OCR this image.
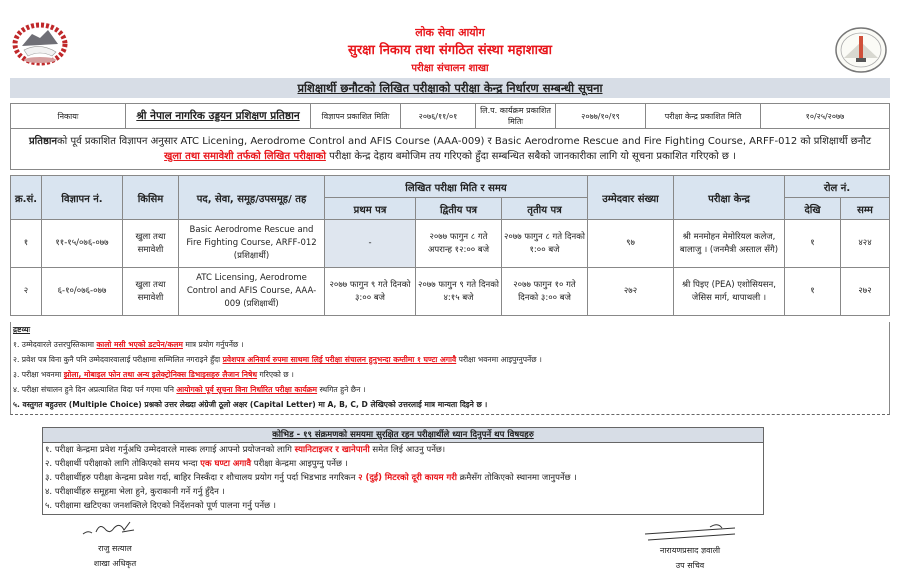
लोक सेवा आयोग
सुरक्षा निकाय तथा संगठित संस्था महाशाखा
परीक्षा संचालन शाखा
प्रशिक्षार्थी छनौटको लिखित परीक्षाको परीक्षा केन्द्र निर्धारण सम्बन्धी सूचना
निकायः	श्री नेपाल नागरिक उड्डयन प्रशिक्षण प्रतिष्ठान	विज्ञापन प्रकाशित मितिः	२०७६/११/०१	लि.प. कार्यक्रम प्रकाशित मितिः	२०७७/१०/१९	परीक्षा केन्द्र प्रकाशित मिति	१०/२५/२०७७
प्रतिष्ठानको पूर्व प्रकाशित विज्ञापन अनुसार ATC Licening, Aerodrome Control and AFIS Course (AAA-009) र Basic Aerodrome Rescue and Fire Fighting Course, ARFF-012 को प्रशिक्षार्थी छनौट
खुला तथा समावेशी तर्फको लिखित परीक्षाको परीक्षा केन्द्र देहाय बमोजिम तय गरिएको हुँदा सम्बन्धित सबैको जानकारीका लागि यो सूचना प्रकाशित गरिएको छ ।
क्र.सं.	विज्ञापन नं.	किसिम	पद, सेवा, समूह/उपसमूह/ तह	लिखित परीक्षा मिति र समय			उम्मेदवार संख्या	परीक्षा केन्द्र	रोल नं.	
				प्रथम पत्र	द्वितीय पत्र	तृतीय पत्र			देखि	सम्म
१	११-१५/०७६-०७७	खुला तथा समावेशी	Basic Aerodrome Rescue and Fire Fighting Course, ARFF-012 (प्रशिक्षार्थी)	-	२०७७ फागुन ८ गते अपरान्ह १२:०० बजे	२०७७ फागुन ८ गते दिनको १:०० बजे	९७	श्री मनमोहन मेमोरियल कलेज, बालाजु । (जनमैत्री अस्ताल सँगै)	१	४२४
२	६-१०/०७६-०७७	खुला तथा समावेशी	ATC Licensing, Aerodrome Control and AFIS Course, AAA-009 (प्रशिक्षार्थी)	२०७७ फागुन ९ गते दिनको ३:०० बजे	२०७७ फागुन ९ गते दिनको ४:१५ बजे	२०७७ फागुन १० गते दिनको ३:०० बजे	२७२	श्री पिइए (PEA) एशोसियसन, जेसिस मार्ग, थापाथली ।	१	२७२
द्रष्टव्यः
१. उम्मेदवारले उत्तरपुस्तिकामा कालो मसी भएको डटपेन/कलम मात्र प्रयोग गर्नुपर्नेछ ।
२. प्रवेश पत्र विना कुनै पनि उम्मेदवारवालाई परीक्षामा सम्मिलित नगराइने हुँदा प्रवेशपत्र अनिवार्य रुपमा साथमा लिई परीक्षा संचालन हुनुभन्दा कम्तीमा १ घण्टा अगावै परीक्षा भवनमा आइपुग्नुपर्नेछ ।
३. परीक्षा भवनमा झोला, मोबाइल फोन तथा अन्य इलेक्ट्रोनिक्स डिभाइसहरु लैजान निषेध गरिएको छ ।
४. परीक्षा संचालन हुने दिन अप्रत्याशित विदा पर्न गएमा पनि आयोगको पूर्व सूचना विना निर्धारित परीक्षा कार्यक्रम स्थगित हुने छैन ।
५. वस्तुगत बहुउत्तर (Multiple Choice) प्रश्नको उत्तर लेख्दा अंग्रेजी ठूलो अक्षर (Capital Letter) मा A, B, C, D लेखिएको उत्तरलाई मात्र मान्यता दिइने छ ।
कोभिड - १९ संक्रमणको समयमा सुरक्षित रहन परीक्षार्थीले ध्यान दिनुपर्ने थप विषयहरु
१. परीक्षा केन्द्रमा प्रवेश गर्नुअघि उम्मेदवारले मास्क लगाई आफ्नो प्रयोजनको लागि स्यानिटाइजर र खानेपानी समेत लिई आउनु पर्नेछ।
२. परीक्षार्थी परीक्षाको लागि तोकिएको समय भन्दा एक घण्टा अगावै परीक्षा केन्द्रमा आइपुग्नु पर्नेछ ।
३. परीक्षार्थीहरु परीक्षा केन्द्रमा प्रवेश गर्दा, बाहिर निस्कँदा र शौचालय प्रयोग गर्नु पर्दा भिडभाड नगरिकन २ (दुई) मिटरको दूरी कायम गरी क्रमैसँग तोकिएको स्थानमा जानुपर्नेछ ।
४. परीक्षार्थीहरु समूहमा भेला हुने, कुराकानी गर्ने गर्नु हुँदैन ।
५. परीक्षामा खटिएका जनशक्तिले दिएको निर्देशनको पूर्ण पालना गर्नु पर्नेछ ।
राजु सत्याल
शाखा अधिकृत
नारायणप्रसाद ज्ञवाली
उप सचिव
